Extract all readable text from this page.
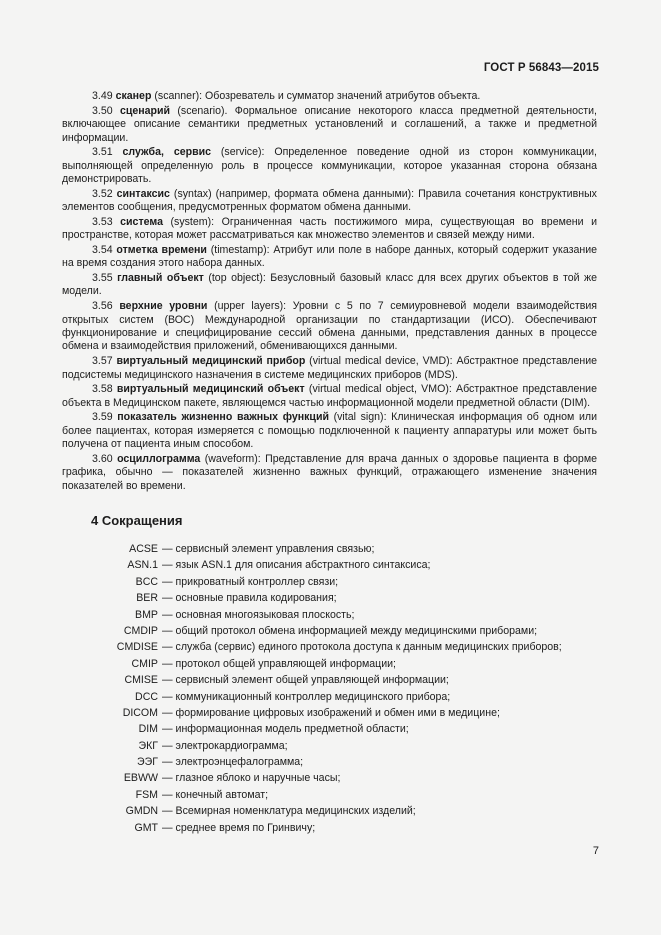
ГОСТ Р 56843—2015

3.49 сканер (scanner): Обозреватель и сумматор значений атрибутов объекта.

3.50 сценарий (scenario). Формальное описание некоторого класса предметной деятельности, включающее описание семантики предметных установлений и соглашений, а также и предметной информации.

3.51 служба, сервис (service): Определенное поведение одной из сторон коммуникации, выполняющей определенную роль в процессе коммуникации, которое указанная сторона обязана демонстрировать.

3.52 синтаксис (syntax) (например, формата обмена данными): Правила сочетания конструктивных элементов сообщения, предусмотренных форматом обмена данными.

3.53 система (system): Ограниченная часть постижимого мира, существующая во времени и пространстве, которая может рассматриваться как множество элементов и связей между ними.

3.54 отметка времени (timestamp): Атрибут или поле в наборе данных, который содержит указание на время создания этого набора данных.

3.55 главный объект (top object): Безусловный базовый класс для всех других объектов в той же модели.

3.56 верхние уровни (upper layers): Уровни с 5 по 7 семиуровневой модели взаимодействия открытых систем (ВОС) Международной организации по стандартизации (ИСО). Обеспечивают функционирование и специфицирование сессий обмена данными, представления данных в процессе обмена и взаимодействия приложений, обменивающихся данными.

3.57 виртуальный медицинский прибор (virtual medical device, VMD): Абстрактное представление подсистемы медицинского назначения в системе медицинских приборов (MDS).

3.58 виртуальный медицинский объект (virtual medical object, VMO): Абстрактное представление объекта в Медицинском пакете, являющемся частью информационной модели предметной области (DIM).

3.59 показатель жизненно важных функций (vital sign): Клиническая информация об одном или более пациентах, которая измеряется с помощью подключенной к пациенту аппаратуры или может быть получена от пациента иным способом.

3.60 осциллограмма (waveform): Представление для врача данных о здоровье пациента в форме графика, обычно — показателей жизненно важных функций, отражающего изменение значения показателей во времени.

4 Сокращения
ACSE — сервисный элемент управления связью;
ASN.1 — язык ASN.1 для описания абстрактного синтаксиса;
BCC — прикроватный контроллер связи;
BER — основные правила кодирования;
BMP — основная многоязыковая плоскость;
CMDIP — общий протокол обмена информацией между медицинскими приборами;
CMDISE — служба (сервис) единого протокола доступа к данным медицинских приборов;
CMIP — протокол общей управляющей информации;
CMISE — сервисный элемент общей управляющей информации;
DCC — коммуникационный контроллер медицинского прибора;
DICOM — формирование цифровых изображений и обмен ими в медицине;
DIM — информационная модель предметной области;
ЭКГ — электрокардиограмма;
ЭЭГ — электроэнцефалограмма;
EBWW — глазное яблоко и наручные часы;
FSM — конечный автомат;
GMDN — Всемирная номенклатура медицинских изделий;
GMT — среднее время по Гринвичу;
7
